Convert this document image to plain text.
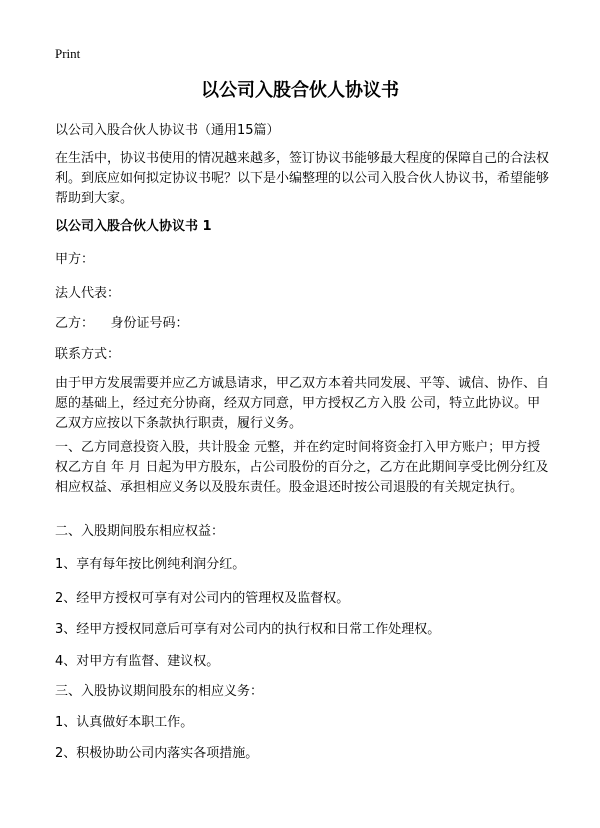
Print
以公司入股合伙人协议书

以公司入股合伙人协议书（通用15篇）

在生活中，协议书使用的情况越来越多，签订协议书能够最大程度的保障自己的合法权利。到底应如何拟定协议书呢？以下是小编整理的以公司入股合伙人协议书，希望能够帮助到大家。

以公司入股合伙人协议书 1

甲方：

法人代表：

乙方：    身份证号码：

联系方式：

由于甲方发展需要并应乙方诚恳请求，甲乙双方本着共同发展、平等、诚信、协作、自愿的基础上，经过充分协商，经双方同意，甲方授权乙方入股 公司，特立此协议。甲乙双方应按以下条款执行职责，履行义务。

一、乙方同意投资入股，共计股金 元整，并在约定时间将资金打入甲方账户；甲方授权乙方自 年 月 日起为甲方股东，占公司股份的百分之，乙方在此期间享受比例分红及相应权益、承担相应义务以及股东责任。股金退还时按公司退股的有关规定执行。

二、入股期间股东相应权益：

1、享有每年按比例纯利润分红。

2、经甲方授权可享有对公司内的管理权及监督权。

3、经甲方授权同意后可享有对公司内的执行权和日常工作处理权。

4、对甲方有监督、建议权。

三、入股协议期间股东的相应义务：

1、认真做好本职工作。

2、积极协助公司内落实各项措施。
